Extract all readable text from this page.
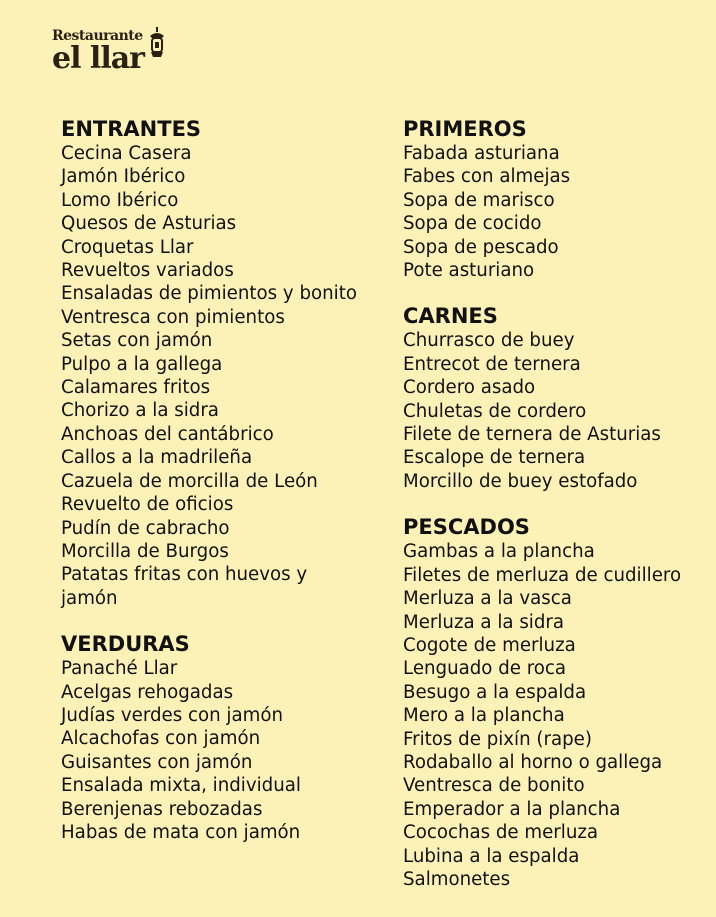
Restaurante
el llar
ENTRANTES
Cecina Casera
Jamón Ibérico
Lomo Ibérico
Quesos de Asturias
Croquetas Llar
Revueltos variados
Ensaladas de pimientos y bonito
Ventresca con pimientos
Setas con jamón
Pulpo a la gallega
Calamares fritos
Chorizo a la sidra
Anchoas del cantábrico
Callos a la madrileña
Cazuela de morcilla de León
Revuelto de oficios
Pudín de cabracho
Morcilla de Burgos
Patatas fritas con huevos y jamón
VERDURAS
Panaché Llar
Acelgas rehogadas
Judías verdes con jamón
Alcachofas con jamón
Guisantes con jamón
Ensalada mixta, individual
Berenjenas rebozadas
Habas de mata con jamón
PRIMEROS
Fabada asturiana
Fabes con almejas
Sopa de marisco
Sopa de cocido
Sopa de pescado
Pote asturiano
CARNES
Churrasco de buey
Entrecot de ternera
Cordero asado
Chuletas de cordero
Filete de ternera de Asturias
Escalope de ternera
Morcillo de buey estofado
PESCADOS
Gambas a la plancha
Filetes de merluza de cudillero
Merluza a la vasca
Merluza a la sidra
Cogote de merluza
Lenguado de roca
Besugo a la espalda
Mero a la plancha
Fritos de pixín (rape)
Rodaballo al horno o gallega
Ventresca de bonito
Emperador a la plancha
Cocochas de merluza
Lubina a la espalda
Salmonetes
